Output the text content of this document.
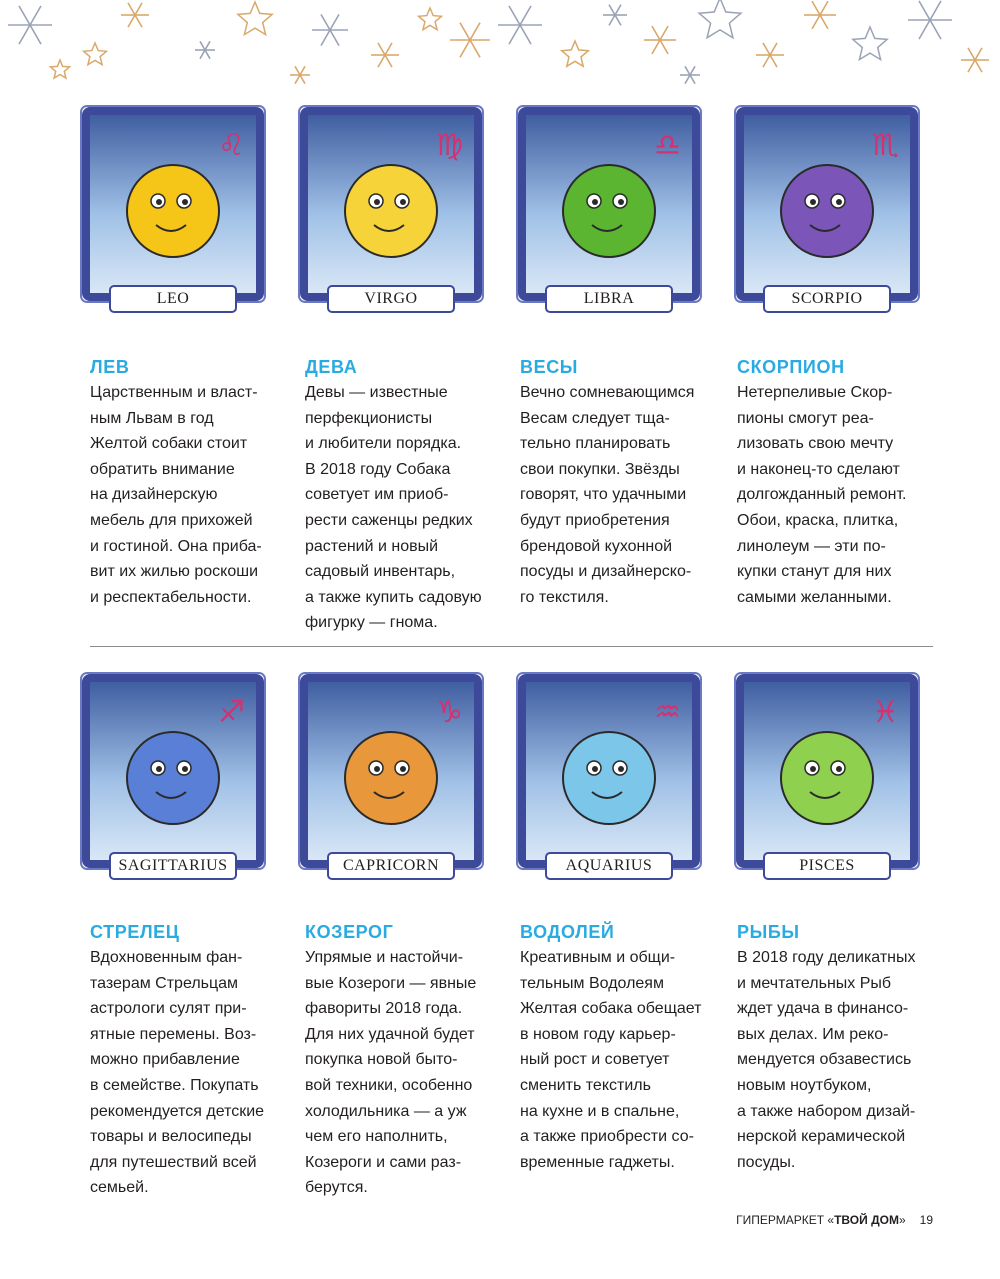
♌
LEO
♍
VIRGO
♎
LIBRA
♏
SCORPIO
♐
SAGITTARIUS
♑
CAPRICORN
♒
AQUARIUS
♓
PISCES
ЛЕВ

Царственным и власт-

ным Львам в год

Желтой собаки стоит

обратить внимание

на дизайнерскую

мебель для прихожей

и гостиной. Она приба-

вит их жилью роскоши

и респектабельности.

ДЕВА

Девы — известные

перфекционисты

и любители порядка.

В 2018 году Собака

советует им приоб-

рести саженцы редких

растений и новый

садовый инвентарь,

а также купить садовую

фигурку — гнома.

ВЕСЫ

Вечно сомневающимся

Весам следует тща-

тельно планировать

свои покупки. Звёзды

говорят, что удачными

будут приобретения

брендовой кухонной

посуды и дизайнерско-

го текстиля.

СКОРПИОН

Нетерпеливые Скор-

пионы смогут реа-

лизовать свою мечту

и наконец-то сделают

долгожданный ремонт.

Обои, краска, плитка,

линолеум — эти по-

купки станут для них

самыми желанными.

СТРЕЛЕЦ

Вдохновенным фан-

тазерам Стрельцам

астрологи сулят при-

ятные перемены. Воз-

можно прибавление

в семействе. Покупать

рекомендуется детские

товары и велосипеды

для путешествий всей

семьей.

КОЗЕРОГ

Упрямые и настойчи-

вые Козероги — явные

фавориты 2018 года.

Для них удачной будет

покупка новой быто-

вой техники, особенно

холодильника — а уж

чем его наполнить,

Козероги и сами раз-

берутся.

ВОДОЛЕЙ

Креативным и общи-

тельным Водолеям

Желтая собака обещает

в новом году карьер-

ный рост и советует

сменить текстиль

на кухне и в спальне,

а также приобрести со-

временные гаджеты.

РЫБЫ

В 2018 году деликатных

и мечтательных Рыб

ждет удача в финансо-

вых делах. Им реко-

мендуется обзавестись

новым ноутбуком,

а также набором дизай-

нерской керамической

посуды.

ГИПЕРМАРКЕТ «ТВОЙ ДОМ» 19
